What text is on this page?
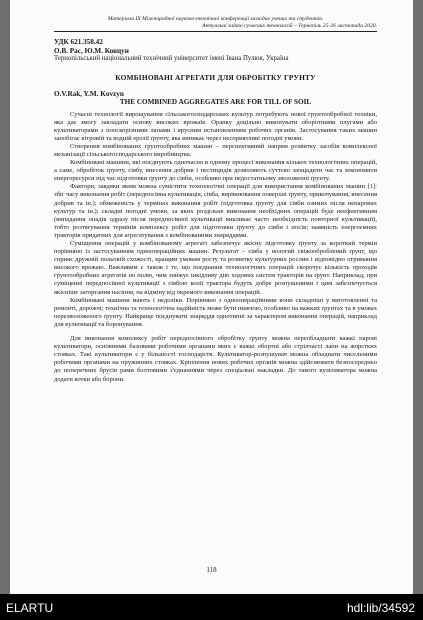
Матеріали IX Міжнародної науково-технічної конференції молодих учених та студентів.
Актуальні задачі сучасних технологій – Тернопіль 25-26 листопада 2020.
УДК 621.358.42
О.В. Рас, Ю.М. Ковцун
Тернопільський національний технічний університет імені Івана Пулюя, Україна
КОМБІНОВАНІ АГРЕГАТИ ДЛЯ ОБРОБІТКУ ГРУНТУ
O.V.Rak, Y.M. Kovzyn
THE COMBINED AGGREGATES ARE FOR TILL OF SOIL

Сучасні технології вирощування сільськогосподарських культур потребують нової грунтообробної техніки, яка дає змогу закладати основу високих врожаїв. Оранку доцільно виконувати оборотними плугами або культиваторами з плоскорізними лапами і ярусним встановленням робочих органів. Застосування таких машин запобігає вітровій та водній ерозії ґрунту, яка виникає через несприятливі погодні умови.

Створення комбінованих грунтообробних машин – перспективний напрям розвитку засобів комплексної механізації сільськогосподарського виробництва.

Комбіновані машини, які поєднують одночасно в одному процесі виконання кількох технологічних операцій, а саме, обробіток ґрунту, сівбу, внесення добрив і пестицидів дозволяють суттєво заощадити час та зекономити енергоресурси під час підготовки ґрунту до сівби, особливо при недостатньому зволоженні ґрунту.

Фактори, завдяки яким можна сумістити технологічні операції для використання комбінованих машин [1]: збіг часу виконання робіт (передпосівна культивація, сівба, вирівнювання поверхні ґрунту, прикочування, внесення добрив та ін.); обмеженість у термінах виконання робіт (підготовка ґрунту для сівби озимих після непарових культур та ін.); складні погодні умови, за яких роздільне виконання необхідних операцій буде неефективним (випадання опадів одразу після передпосівної культивації викликає часто необхідність повторної культивації), тобто розтягування термінів комплексу робіт для підготовки ґрунту до сівби і посів; наявність енергоємних тракторів придатних для агрегатування з комбінованими знаряддями.

Суміщення операцій у комбінованому агрегаті забезпечує якісну підготовку ґрунту за короткий термін порівняно із застосуванням одноопераційних машин. Результат – сівба у вологий свіжооброблений ґрунт, що сприяє дружній польовій схожості, кращим умовам росту та розвитку культурних рослин і відповідно отримання високого врожаю. Важливим є також і те, що поєднання технологічних операцій скорочує кількість проходів грунтообробних агрегатів по полю, чим знижує шкідливу дію ходових систем тракторів на ґрунт. Наприклад, при суміщенні передпосівної культивації з сівбою колії трактора будуть добре розпушеними і цим забезпечується якісніше загортання насіння, на відміну від окремого виконання операцій.

Комбіновані машини мають і недоліки. Порівняно з одноопераційними вони складніші у виготовленні та ремонті, дорожчі; технічна та технологічна надійність може бути нижчою, особливо на важких ґрунтах та в умовах перезволоженого ґрунту. Найкраще поєднувати знаряддя однотипні за характером виконання операцій, наприклад для культивації та боронування.

Для виконання комплексу робіт передпосівного обробітку ґрунту можна переобладнати важкі парові культиватори, основними базовими робочими органами яких є важкі обортні або стрілчасті лапи на жорстких стояках. Такі культиватори є у більшості господарств. Культиватор-розпушувач можна обладнати чисельними робочими органами на пружинних стояках. Кріплення нових робочих органів можна здійснювати безпосередньо до поперечних брусів рами болтовими з'єднаннями через спеціальні накладки. До такого культиватора можна додати котки або борони.

118
ELARTU	hdl:lib/34592
